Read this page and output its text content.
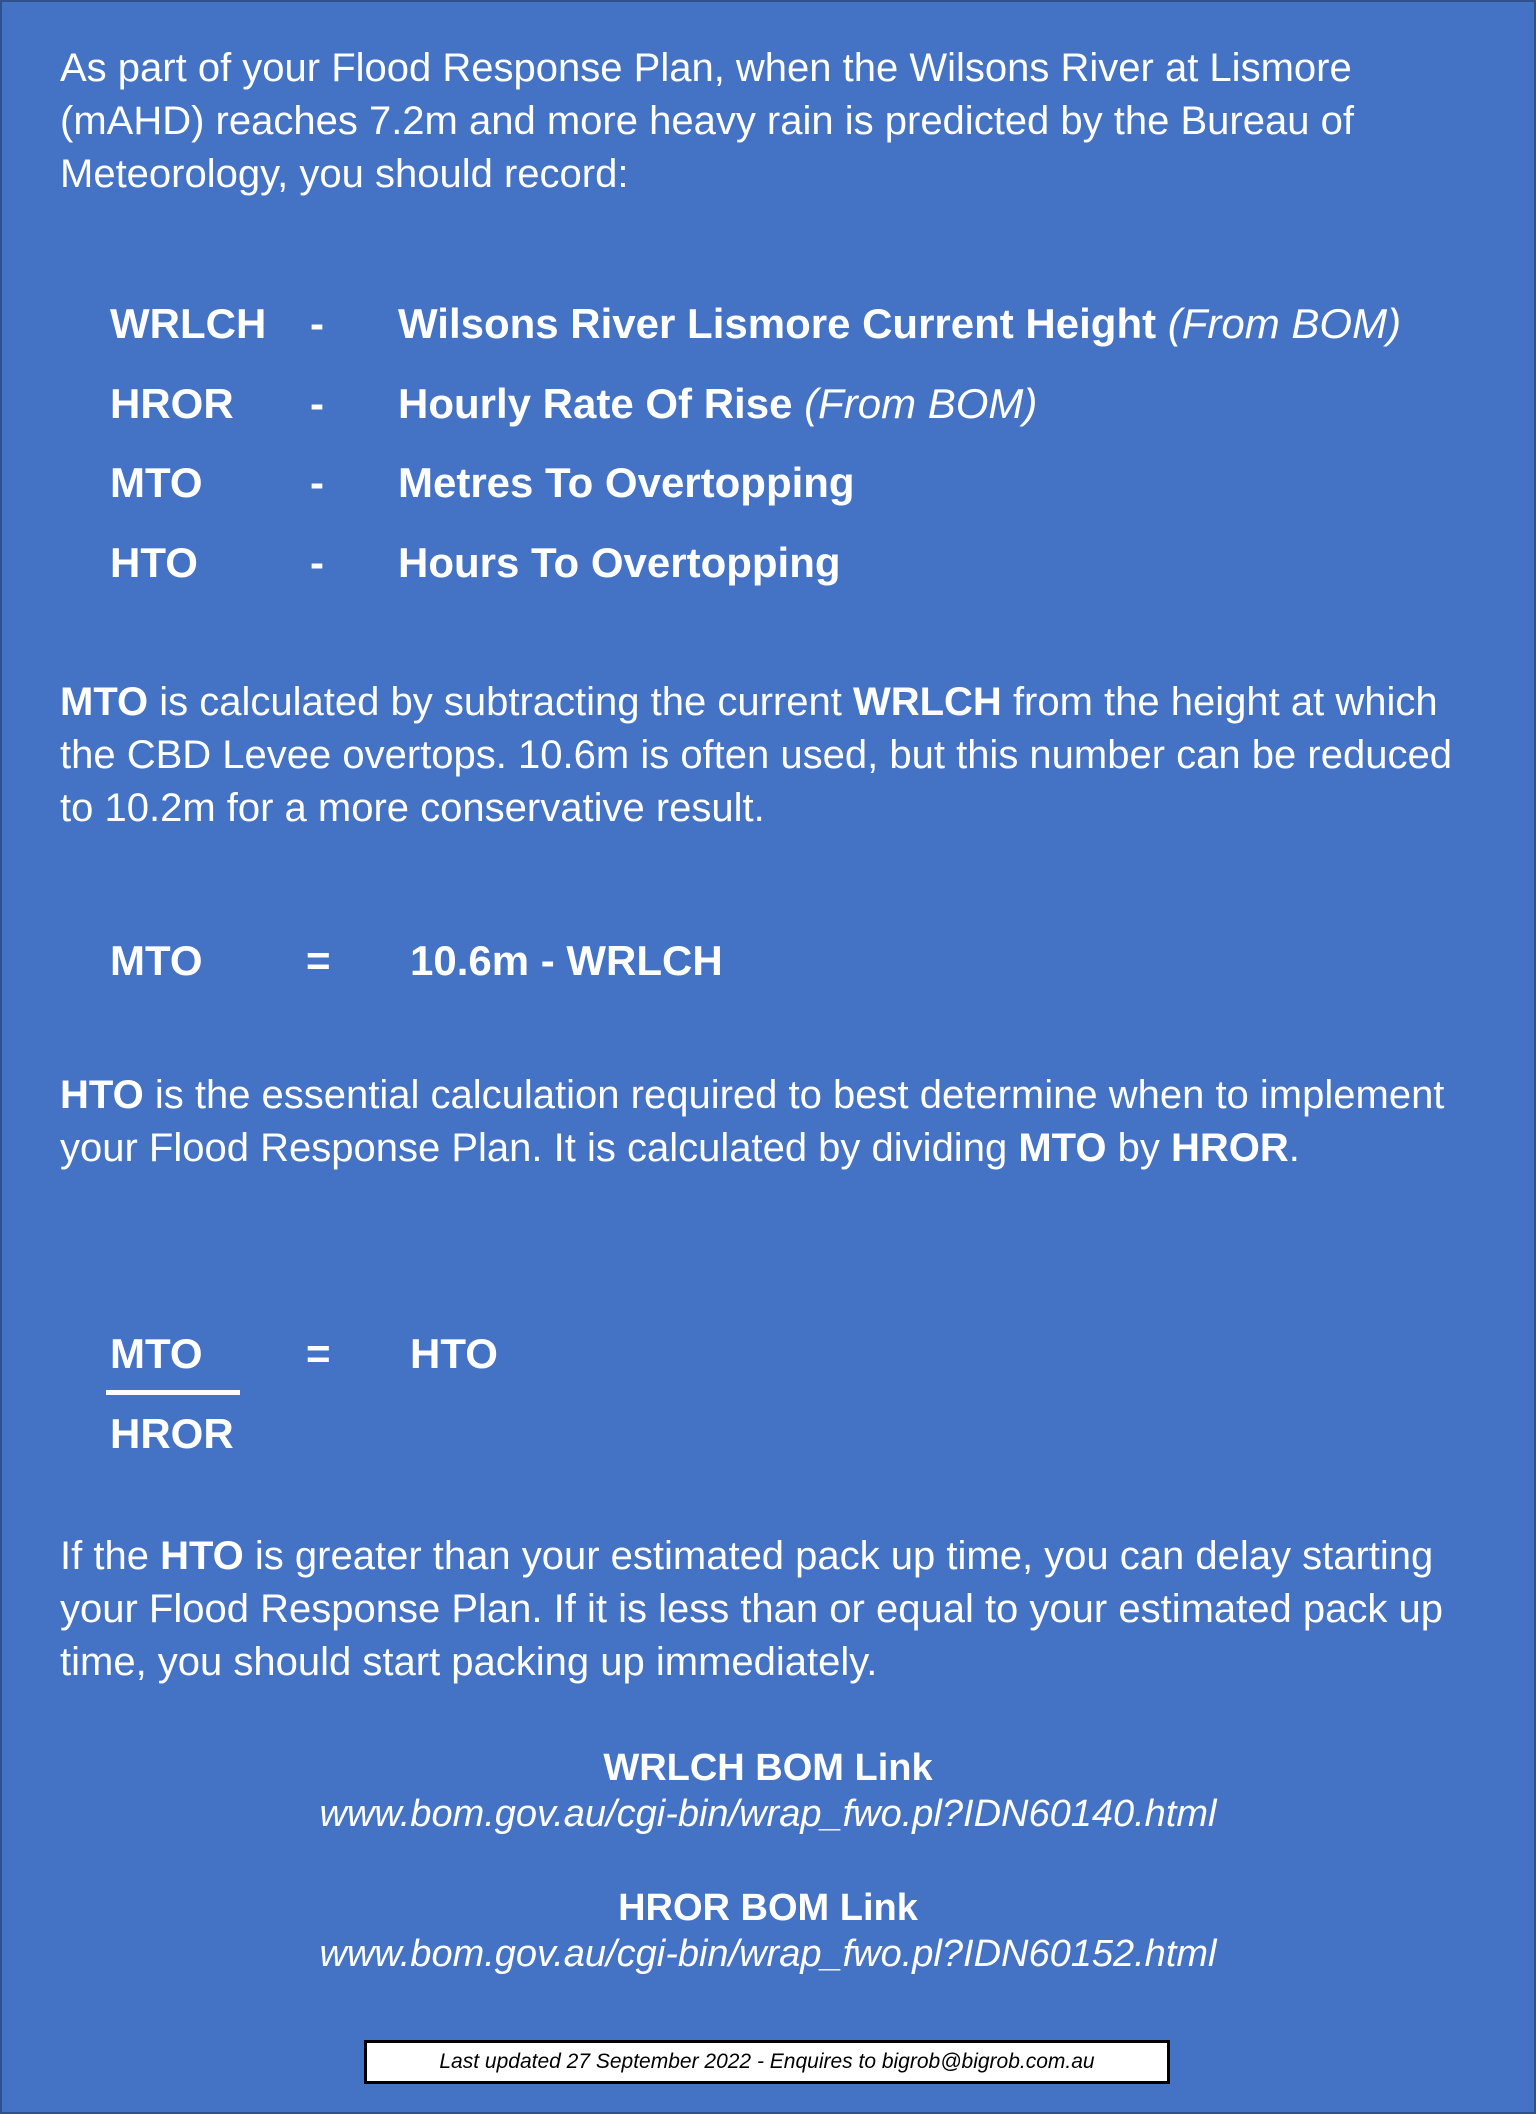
As part of your Flood Response Plan, when the Wilsons River at Lismore (mAHD) reaches 7.2m and more heavy rain is predicted by the Bureau of Meteorology, you should record:

WRLCH - Wilsons River Lismore Current Height (From BOM)
HROR - Hourly Rate Of Rise (From BOM)
MTO	- Metres To Overtopping
HTO	- Hours To Overtopping

MTO is calculated by subtracting the current WRLCH from the height at which the CBD Levee overtops. 10.6m is often used, but this number can be reduced to 10.2m for a more conservative result.

MTO = 10.6m - WRLCH

HTO is the essential calculation required to best determine when to implement your Flood Response Plan. It is calculated by dividing MTO by HROR.

MTO
HROR
= HTO

If the HTO is greater than your estimated pack up time, you can delay starting your Flood Response Plan. If it is less than or equal to your estimated pack up time, you should start packing up immediately.

WRLCH BOM Link
www.bom.gov.au/cgi-bin/wrap_fwo.pl?IDN60140.html
HROR BOM Link
www.bom.gov.au/cgi-bin/wrap_fwo.pl?IDN60152.html
Last updated 27 September 2022 - Enquires to bigrob@bigrob.com.au
